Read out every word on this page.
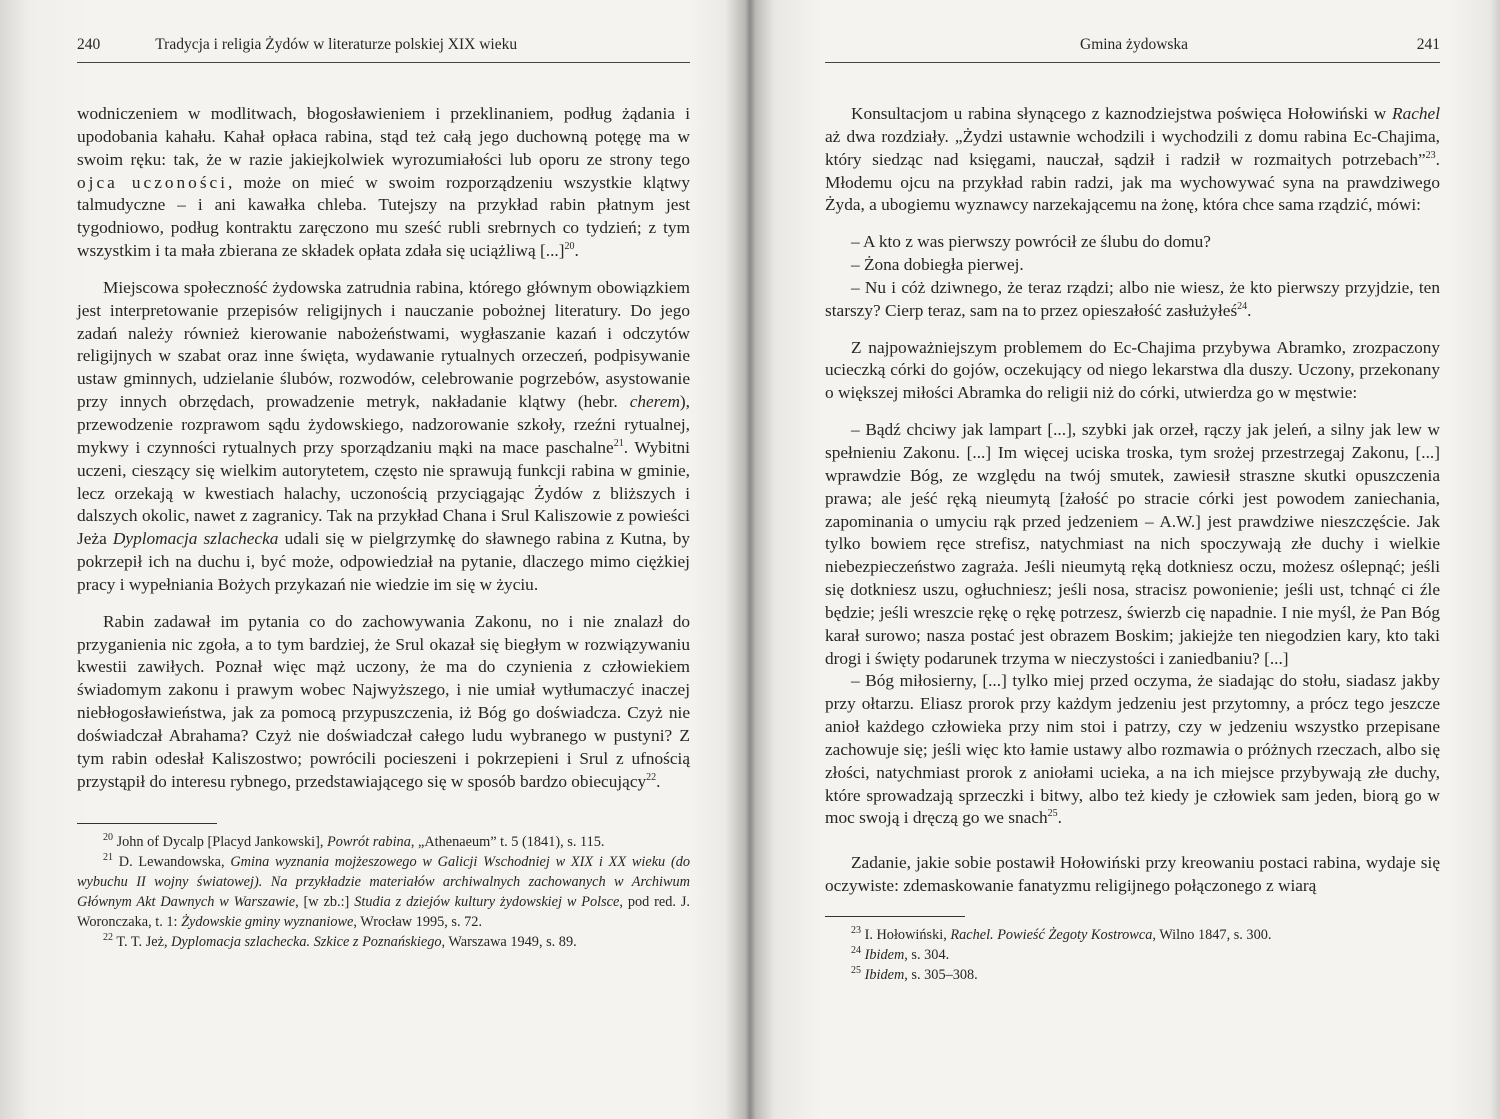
240	Tradycja i religia Żydów w literaturze polskiej XIX wieku

wodniczeniem w modlitwach, błogosławieniem i przeklinaniem, podług żądania i upodobania kahału. Kahał opłaca rabina, stąd też całą jego duchowną potęgę ma w swoim ręku: tak, że w razie jakiejkolwiek wyrozumiałości lub oporu ze strony tego ojca uczoności, może on mieć w swoim rozporządzeniu wszystkie klątwy talmudyczne – i ani kawałka chleba. Tutejszy na przykład rabin płatnym jest tygodniowo, podług kontraktu zaręczono mu sześć rubli srebrnych co tydzień; z tym wszystkim i ta mała zbierana ze składek opłata zdała się uciążliwą [...]$^{20}$.

Miejscowa społeczność żydowska zatrudnia rabina, którego głównym obowiązkiem jest interpretowanie przepisów religijnych i nauczanie pobożnej literatury. Do jego zadań należy również kierowanie nabożeństwami, wygłaszanie kazań i odczytów religijnych w szabat oraz inne święta, wydawanie rytualnych orzeczeń, podpisywanie ustaw gminnych, udzielanie ślubów, rozwodów, celebrowanie pogrzebów, asystowanie przy innych obrzędach, prowadzenie metryk, nakładanie klątwy (hebr. cherem), przewodzenie rozprawom sądu żydowskiego, nadzorowanie szkoły, rzeźni rytualnej, mykwy i czynności rytualnych przy sporządzaniu mąki na mace paschalne$^{21}$. Wybitni uczeni, cieszący się wielkim autorytetem, często nie sprawują funkcji rabina w gminie, lecz orzekają w kwestiach halachy, uczonością przyciągając Żydów z bliższych i dalszych okolic, nawet z zagranicy. Tak na przykład Chana i Srul Kaliszowie z powieści Jeża Dyplomacja szlachecka udali się w pielgrzymkę do sławnego rabina z Kutna, by pokrzepił ich na duchu i, być może, odpowiedział na pytanie, dlaczego mimo ciężkiej pracy i wypełniania Bożych przykazań nie wiedzie im się w życiu.

Rabin zadawał im pytania co do zachowywania Zakonu, no i nie znalazł do przyganienia nic zgoła, a to tym bardziej, że Srul okazał się biegłym w rozwiązywaniu kwestii zawiłych. Poznał więc mąż uczony, że ma do czynienia z człowiekiem świadomym zakonu i prawym wobec Najwyższego, i nie umiał wytłumaczyć inaczej niebłogosławieństwa, jak za pomocą przypuszczenia, iż Bóg go doświadcza. Czyż nie doświadczał Abrahama? Czyż nie doświadczał całego ludu wybranego w pustyni? Z tym rabin odesłał Kaliszostwo; powrócili pocieszeni i pokrzepieni i Srul z ufnością przystąpił do interesu rybnego, przedstawiającego się w sposób bardzo obiecujący$^{22}$.

$^{20}$ John of Dycalp [Placyd Jankowski], Powrót rabina, „Athenaeum” t. 5 (1841), s. 115.

$^{21}$ D. Lewandowska, Gmina wyznania mojżeszowego w Galicji Wschodniej w XIX i XX wieku (do wybuchu II wojny światowej). Na przykładzie materiałów archiwalnych zachowanych w Archiwum Głównym Akt Dawnych w Warszawie, [w zb.:] Studia z dziejów kultury żydowskiej w Polsce, pod red. J. Woronczaka, t. 1: Żydowskie gminy wyznaniowe, Wrocław 1995, s. 72.

$^{22}$ T. T. Jeż, Dyplomacja szlachecka. Szkice z Poznańskiego, Warszawa 1949, s. 89.

Gmina żydowska	241

Konsultacjom u rabina słynącego z kaznodziejstwa poświęca Hołowiński w Rachel aż dwa rozdziały. „Żydzi ustawnie wchodzili i wychodzili z domu rabina Ec-Chajima, który siedząc nad księgami, nauczał, sądził i radził w rozmaitych potrzebach”$^{23}$. Młodemu ojcu na przykład rabin radzi, jak ma wychowywać syna na prawdziwego Żyda, a ubogiemu wyznawcy narzekającemu na żonę, która chce sama rządzić, mówi:

– A kto z was pierwszy powrócił ze ślubu do domu?

– Żona dobiegła pierwej.

– Nu i cóż dziwnego, że teraz rządzi; albo nie wiesz, że kto pierwszy przyjdzie, ten starszy? Cierp teraz, sam na to przez opieszałość zasłużyłeś$^{24}$.

Z najpoważniejszym problemem do Ec-Chajima przybywa Abramko, zrozpaczony ucieczką córki do gojów, oczekujący od niego lekarstwa dla duszy. Uczony, przekonany o większej miłości Abramka do religii niż do córki, utwierdza go w męstwie:

– Bądź chciwy jak lampart [...], szybki jak orzeł, rączy jak jeleń, a silny jak lew w spełnieniu Zakonu. [...] Im więcej uciska troska, tym srożej przestrzegaj Zakonu, [...] wprawdzie Bóg, ze względu na twój smutek, zawiesił straszne skutki opuszczenia prawa; ale jeść ręką nieumytą [żałość po stracie córki jest powodem zaniechania, zapominania o umyciu rąk przed jedzeniem – A.W.] jest prawdziwe nieszczęście. Jak tylko bowiem ręce strefisz, natychmiast na nich spoczywają złe duchy i wielkie niebezpieczeństwo zagraża. Jeśli nieumytą ręką dotkniesz oczu, możesz oślepnąć; jeśli się dotkniesz uszu, ogłuchniesz; jeśli nosa, stracisz powonienie; jeśli ust, tchnąć ci źle będzie; jeśli wreszcie rękę o rękę potrzesz, świerzb cię napadnie. I nie myśl, że Pan Bóg karał surowo; nasza postać jest obrazem Boskim; jakiejże ten niegodzien kary, kto taki drogi i święty podarunek trzyma w nieczystości i zaniedbaniu? [...]

– Bóg miłosierny, [...] tylko miej przed oczyma, że siadając do stołu, siadasz jakby przy ołtarzu. Eliasz prorok przy każdym jedzeniu jest przytomny, a prócz tego jeszcze anioł każdego człowieka przy nim stoi i patrzy, czy w jedzeniu wszystko przepisane zachowuje się; jeśli więc kto łamie ustawy albo rozmawia o próżnych rzeczach, albo się złości, natychmiast prorok z aniołami ucieka, a na ich miejsce przybywają złe duchy, które sprowadzają sprzeczki i bitwy, albo też kiedy je człowiek sam jeden, biorą go w moc swoją i dręczą go we snach$^{25}$.

Zadanie, jakie sobie postawił Hołowiński przy kreowaniu postaci rabina, wydaje się oczywiste: zdemaskowanie fanatyzmu religijnego połączonego z wiarą

$^{23}$ I. Hołowiński, Rachel. Powieść Żegoty Kostrowca, Wilno 1847, s. 300.

$^{24}$ Ibidem, s. 304.

$^{25}$ Ibidem, s. 305–308.
